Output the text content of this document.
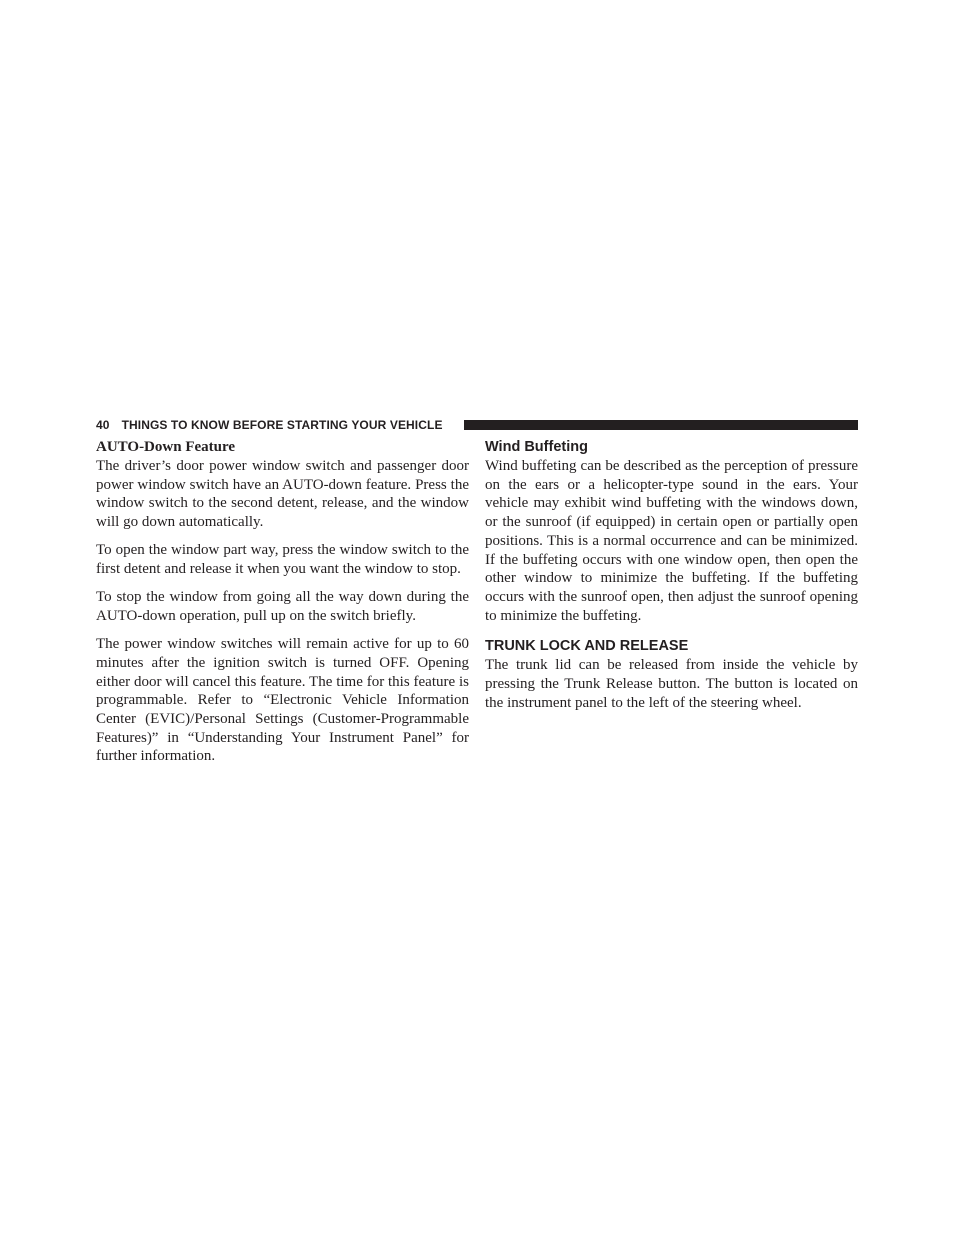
40 THINGS TO KNOW BEFORE STARTING YOUR VEHICLE
AUTO-Down Feature

The driver’s door power window switch and passenger door power window switch have an AUTO-down feature. Press the window switch to the second detent, release, and the window will go down automatically.

To open the window part way, press the window switch to the first detent and release it when you want the window to stop.

To stop the window from going all the way down during the AUTO-down operation, pull up on the switch briefly.

The power window switches will remain active for up to 60 minutes after the ignition switch is turned OFF. Opening either door will cancel this feature. The time for this feature is programmable. Refer to “Electronic Vehicle Information Center (EVIC)/Personal Settings (Customer-Programmable Features)” in “Understanding Your Instrument Panel” for further information.

Wind Buffeting

Wind buffeting can be described as the perception of pressure on the ears or a helicopter-type sound in the ears. Your vehicle may exhibit wind buffeting with the windows down, or the sunroof (if equipped) in certain open or partially open positions. This is a normal occurrence and can be minimized. If the buffeting occurs with one window open, then open the other window to minimize the buffeting. If the buffeting occurs with the sunroof open, then adjust the sunroof opening to minimize the buffeting.

TRUNK LOCK AND RELEASE

The trunk lid can be released from inside the vehicle by pressing the Trunk Release button. The button is located on the instrument panel to the left of the steering wheel.
